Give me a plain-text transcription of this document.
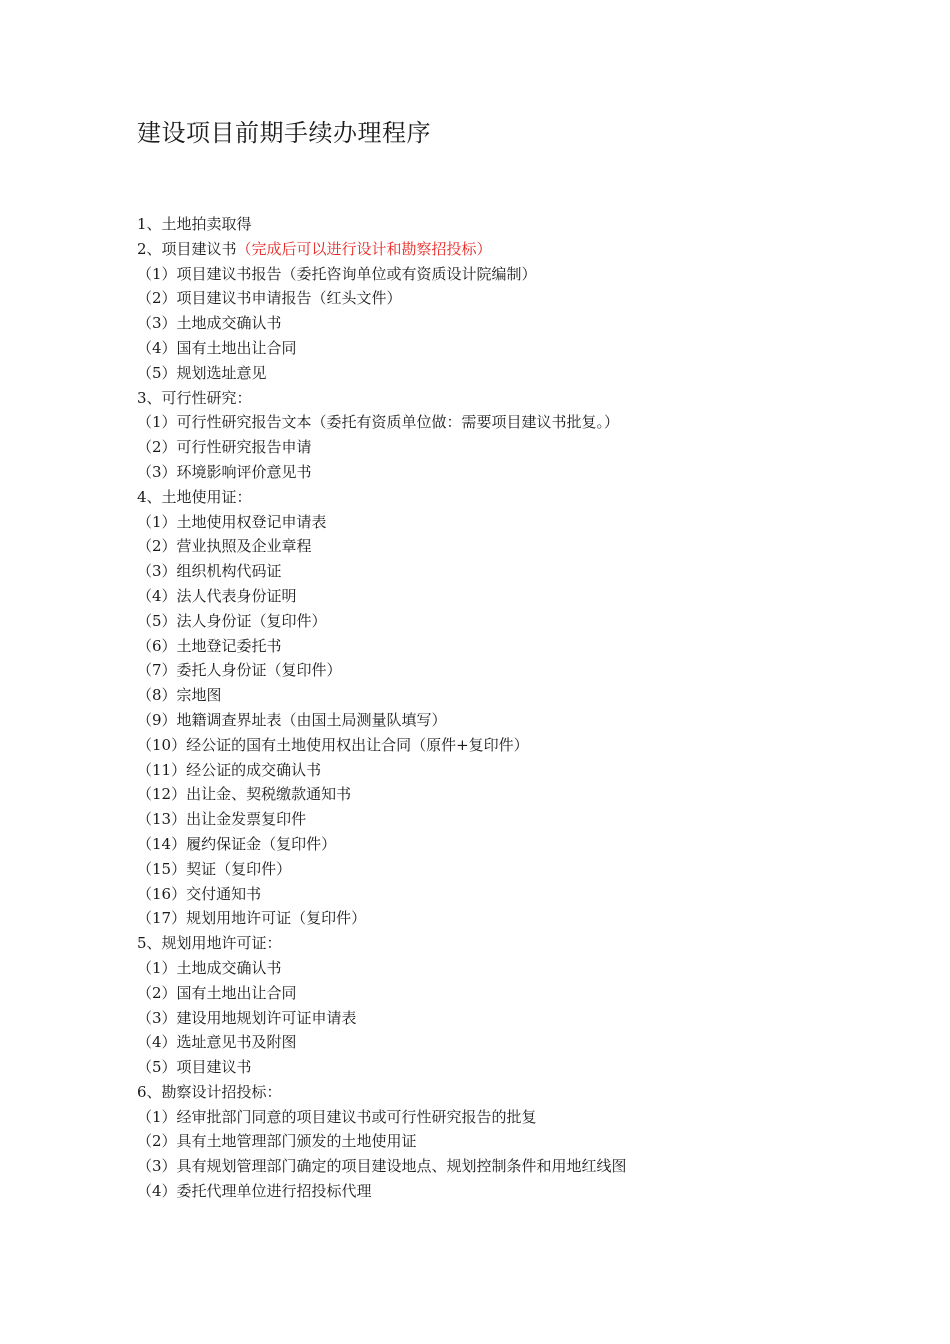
建设项目前期手续办理程序
1、土地拍卖取得
2、项目建议书（完成后可以进行设计和勘察招投标）
（1）项目建议书报告（委托咨询单位或有资质设计院编制）
（2）项目建议书申请报告（红头文件）
（3）土地成交确认书
（4）国有土地出让合同
（5）规划选址意见
3、可行性研究：
（1）可行性研究报告文本（委托有资质单位做：需要项目建议书批复。）
（2）可行性研究报告申请
（3）环境影响评价意见书
4、土地使用证：
（1）土地使用权登记申请表
（2）营业执照及企业章程
（3）组织机构代码证
（4）法人代表身份证明
（5）法人身份证（复印件）
（6）土地登记委托书
（7）委托人身份证（复印件）
（8）宗地图
（9）地籍调查界址表（由国土局测量队填写）
（10）经公证的国有土地使用权出让合同（原件+复印件）
（11）经公证的成交确认书
（12）出让金、契税缴款通知书
（13）出让金发票复印件
（14）履约保证金（复印件）
（15）契证（复印件）
（16）交付通知书
（17）规划用地许可证（复印件）
5、规划用地许可证：
（1）土地成交确认书
（2）国有土地出让合同
（3）建设用地规划许可证申请表
（4）选址意见书及附图
（5）项目建议书
6、勘察设计招投标：
（1）经审批部门同意的项目建议书或可行性研究报告的批复
（2）具有土地管理部门颁发的土地使用证
（3）具有规划管理部门确定的项目建设地点、规划控制条件和用地红线图
（4）委托代理单位进行招投标代理
